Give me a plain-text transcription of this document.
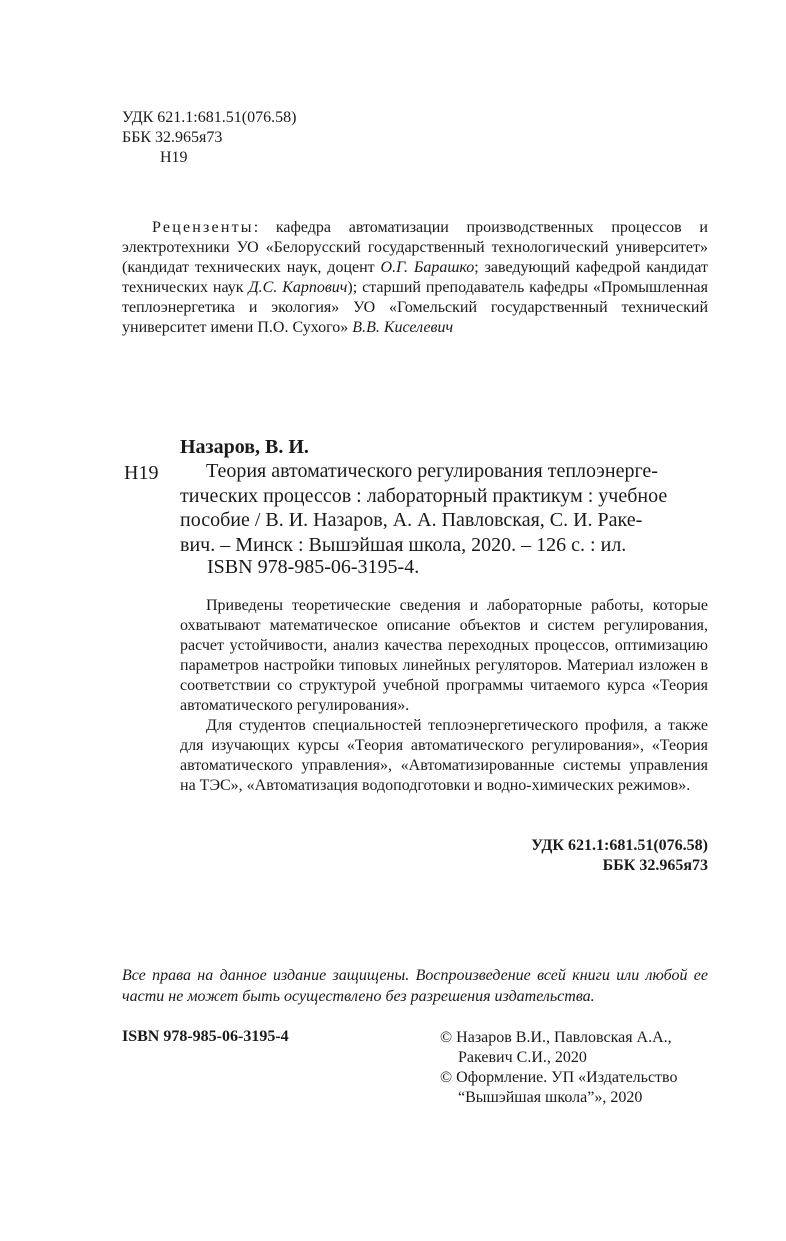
УДК 621.1:681.51(076.58)
ББК 32.965я73
Н19
Рецензенты: кафедра автоматизации производственных процессов и электротехники УО «Белорусский государственный технологический университет» (кандидат технических наук, доцент О.Г. Барашко; заведующий кафедрой кандидат технических наук Д.С. Карпович); старший преподаватель кафедры «Промышленная теплоэнергетика и экология» УО «Гомельский государственный технический университет имени П.О. Сухого» В.В. Киселевич
Назаров, В. И.
Н19	Теория автоматического регулирования теплоэнерге-
тических процессов : лабораторный практикум : учебное
пособие / В. И. Назаров, А. А. Павловская, С. И. Раке-
вич. – Минск : Вышэйшая школа, 2020. – 126 с. : ил.
ISBN 978-985-06-3195-4.

Приведены теоретические сведения и лабораторные работы, которые охватывают математическое описание объектов и систем регулирования, расчет устойчивости, анализ качества переходных процессов, оптимизацию параметров настройки типовых линейных регуляторов. Материал изложен в соответствии со структурой учебной программы читаемого курса «Теория автоматического регулирования».

Для студентов специальностей теплоэнергетического профиля, а также для изучающих курсы «Теория автоматического регулирования», «Теория автоматического управления», «Автоматизированные системы управления на ТЭС», «Автоматизация водоподготовки и водно-химических режимов».

УДК 621.1:681.51(076.58)
ББК 32.965я73
Все права на данное издание защищены. Воспроизведение всей книги или любой ее части не может быть осуществлено без разрешения издательства.
ISBN 978-985-06-3195-4	© Назаров В.И., Павловская А.А., Ракевич С.И., 2020
© Оформление. УП «Издательство “Вышэйшая школа”», 2020
